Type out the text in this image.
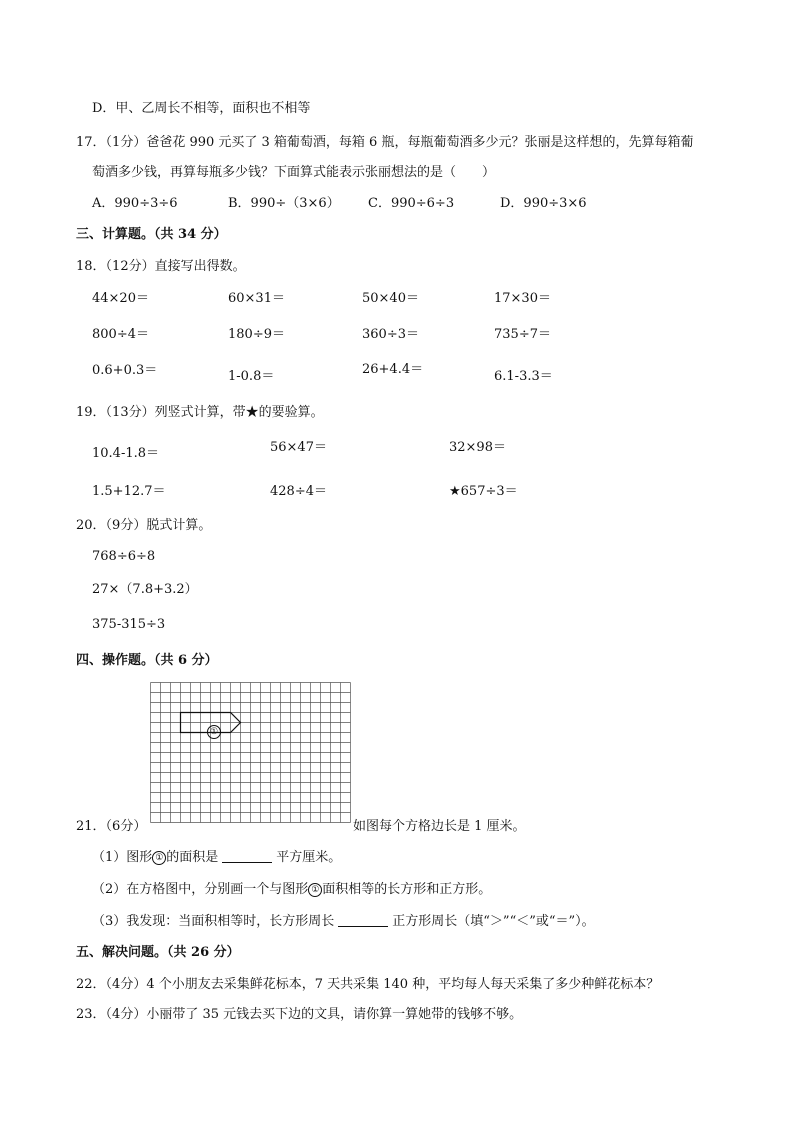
D．甲、乙周长不相等，面积也不相等
17．（1分）爸爸花 990 元买了 3 箱葡萄酒，每箱 6 瓶，每瓶葡萄酒多少元？张丽是这样想的，先算每箱葡
萄酒多少钱，再算每瓶多少钱？下面算式能表示张丽想法的是（　　）
A．990÷3÷6	B．990÷（3×6） C．990÷6÷3	D．990÷3×6
三、计算题。（共 34 分）
18．（12分）直接写出得数。
44×20＝	60×31＝	50×40＝	17×30＝
800÷4＝	180÷9＝	360÷3＝	735÷7＝
0.6+0.3＝	1-0.8＝	26+4.4＝	6.1-3.3＝
19．（13分）列竖式计算，带★的要验算。
10.4-1.8＝	56×47＝	32×98＝
1.5+12.7＝	428÷4＝	★657÷3＝
20．（9分）脱式计算。
768÷6÷8
27×（7.8+3.2）
375-315÷3
四、操作题。（共 6 分）
①
21．（6分）	如图每个方格边长是 1 厘米。
（1）图形 ① 的面积是	平方厘米。
（2）在方格图中，分别画一个与图形 ① 面积相等的长方形和正方形。
（3）我发现：当面积相等时，长方形周长	正方形周长（填“＞”“＜”或“＝”）。
五、解决问题。（共 26 分）
22．（4分）4 个小朋友去采集鲜花标本，7 天共采集 140 种，平均每人每天采集了多少种鲜花标本？
23．（4分）小丽带了 35 元钱去买下边的文具，请你算一算她带的钱够不够。
